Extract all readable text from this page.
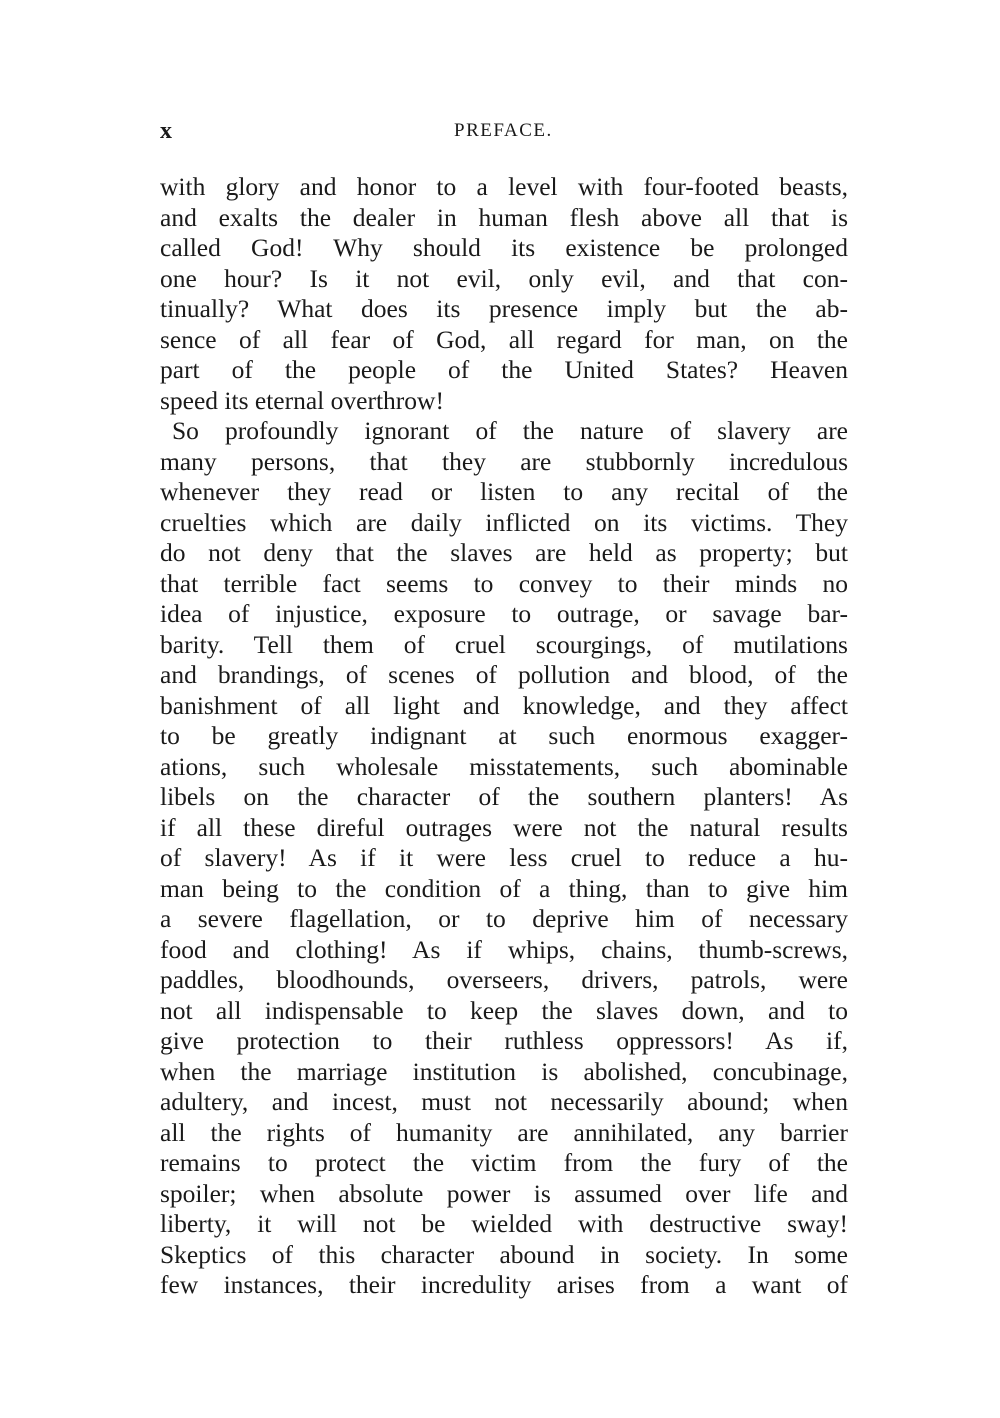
x	PREFACE.
with glory and honor to a level with four-footed beasts,
and exalts the dealer in human flesh above all that is
called God! Why should its existence be prolonged
one hour? Is it not evil, only evil, and that con-
tinually? What does its presence imply but the ab-
sence of all fear of God, all regard for man, on the
part of the people of the United States? Heaven
speed its eternal overthrow!
So profoundly ignorant of the nature of slavery are
many persons, that they are stubbornly incredulous
whenever they read or listen to any recital of the
cruelties which are daily inflicted on its victims. They
do not deny that the slaves are held as property; but
that terrible fact seems to convey to their minds no
idea of injustice, exposure to outrage, or savage bar-
barity. Tell them of cruel scourgings, of mutilations
and brandings, of scenes of pollution and blood, of the
banishment of all light and knowledge, and they affect
to be greatly indignant at such enormous exagger-
ations, such wholesale misstatements, such abominable
libels on the character of the southern planters! As
if all these direful outrages were not the natural results
of slavery! As if it were less cruel to reduce a hu-
man being to the condition of a thing, than to give him
a severe flagellation, or to deprive him of necessary
food and clothing! As if whips, chains, thumb-screws,
paddles, bloodhounds, overseers, drivers, patrols, were
not all indispensable to keep the slaves down, and to
give protection to their ruthless oppressors! As if,
when the marriage institution is abolished, concubinage,
adultery, and incest, must not necessarily abound; when
all the rights of humanity are annihilated, any barrier
remains to protect the victim from the fury of the
spoiler; when absolute power is assumed over life and
liberty, it will not be wielded with destructive sway!
Skeptics of this character abound in society. In some
few instances, their incredulity arises from a want of
